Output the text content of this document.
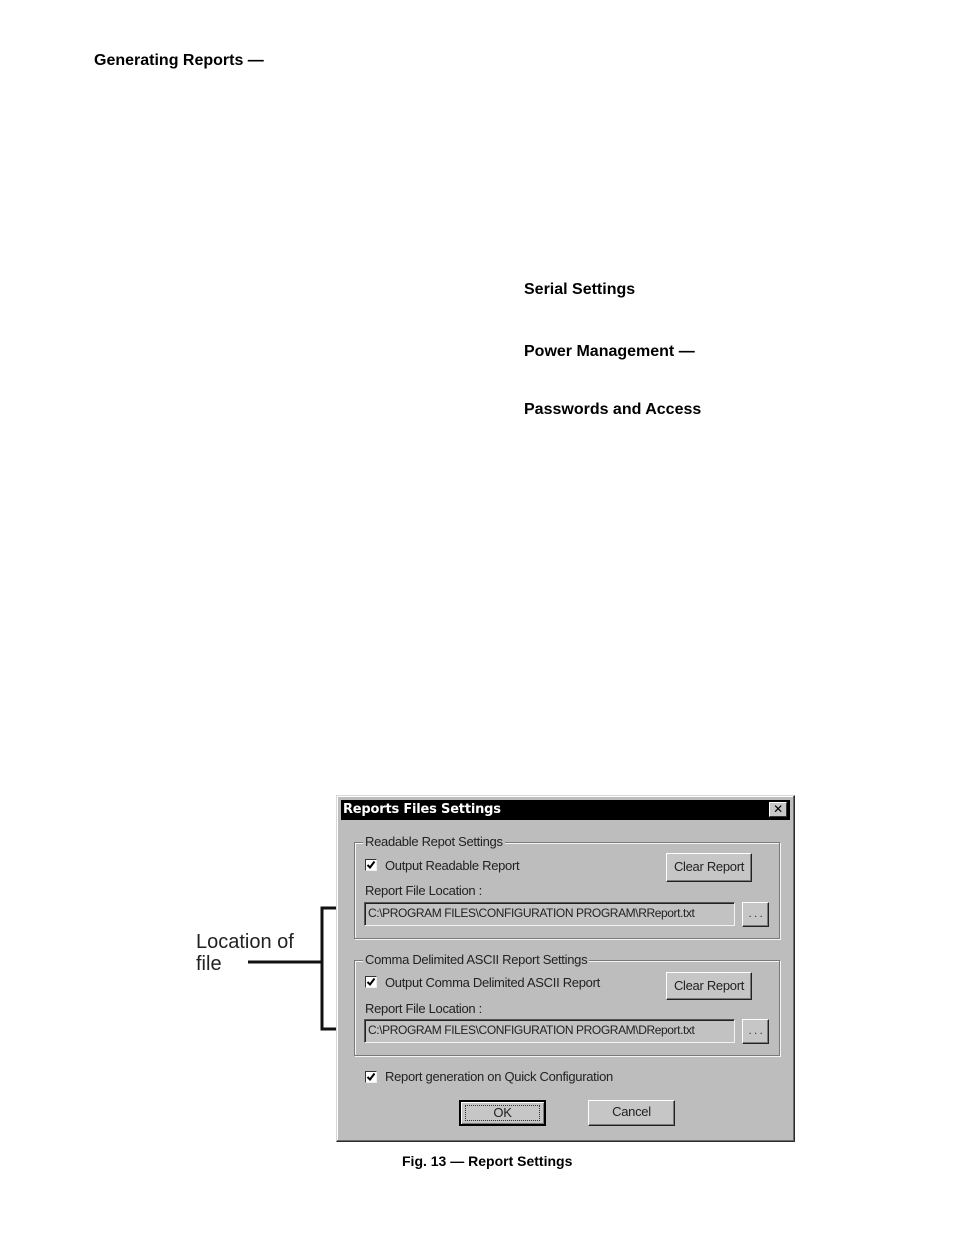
Generating Reports —
Serial Settings
Power Management —
Passwords and Access
Location of
file
Reports Files Settings	✕
Readable Repot Settings
Output Readable Report	Clear Report
Report File Location :
C:\PROGRAM FILES\CONFIGURATION PROGRAM\RReport.txt	. . .
Comma Delimited ASCII Report Settings
Output Comma Delimited ASCII Report	Clear Report
Report File Location :
C:\PROGRAM FILES\CONFIGURATION PROGRAM\DReport.txt	. . .
Report generation on Quick Configuration
OK	Cancel
Fig. 13 — Report Settings
